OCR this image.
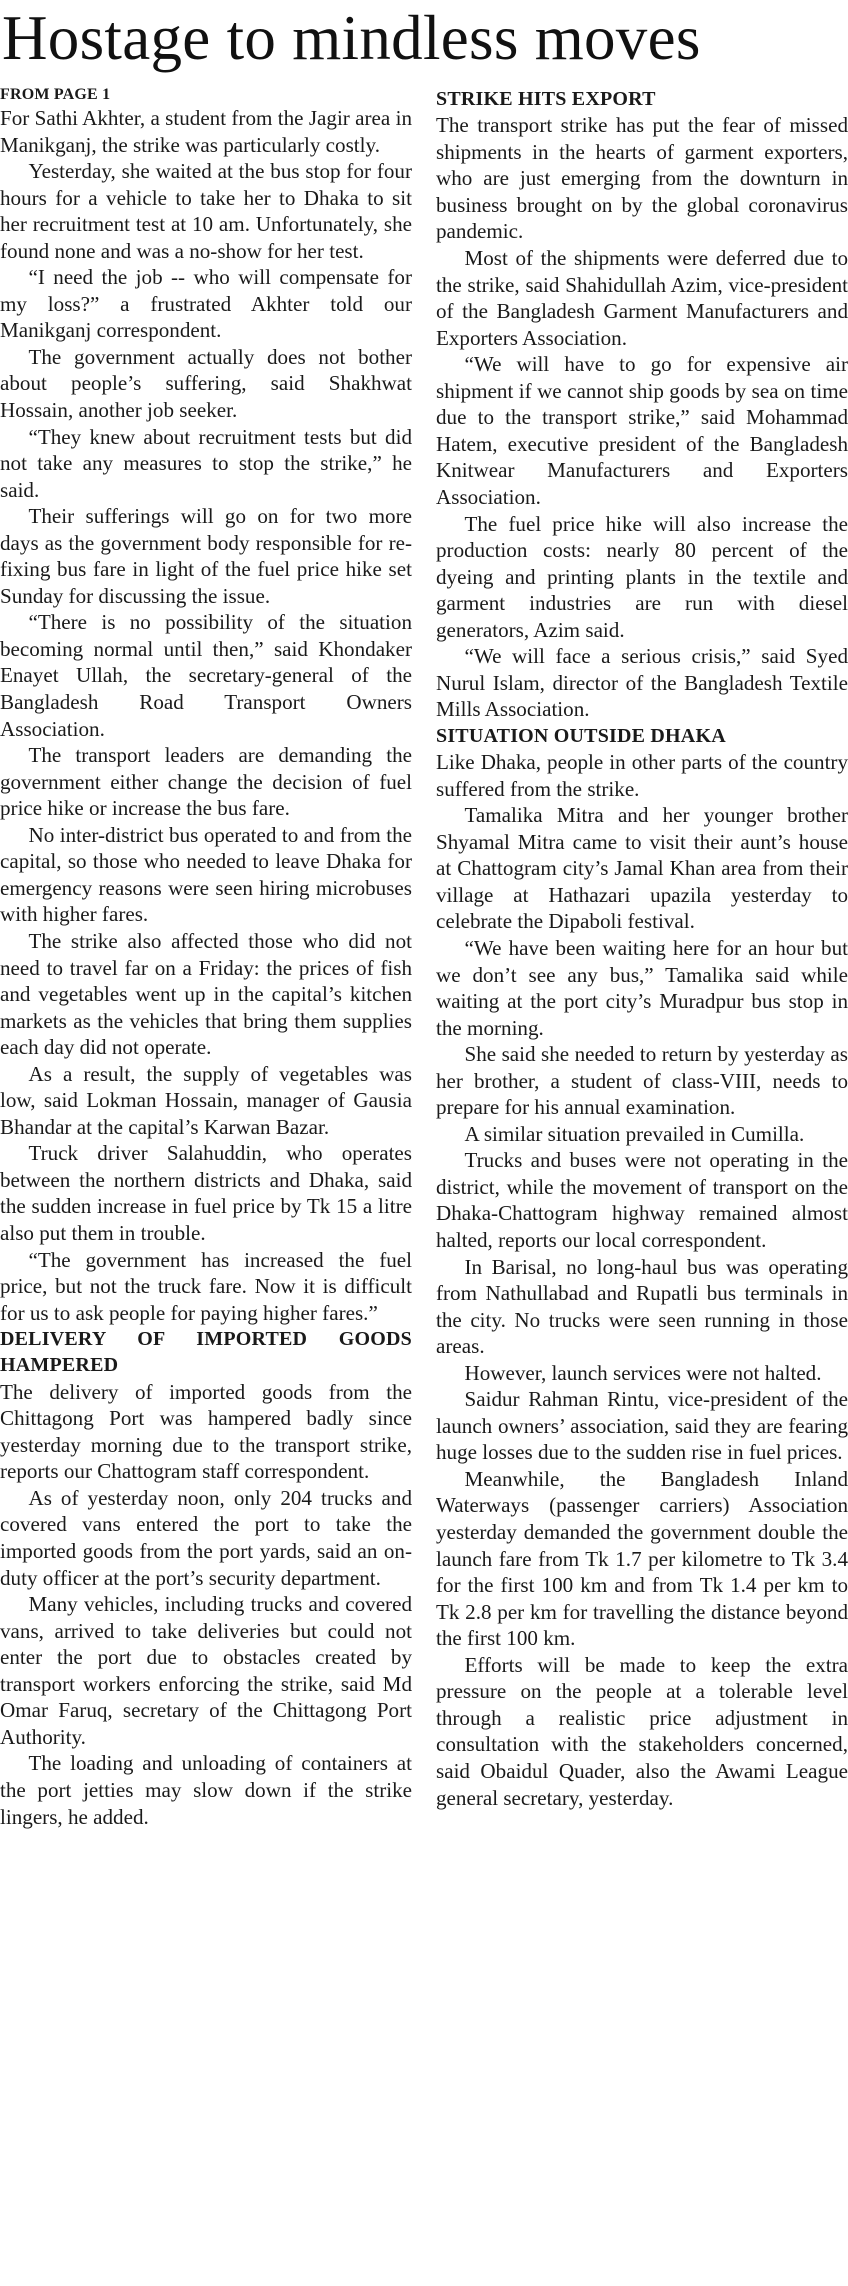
Hostage to mindless moves
FROM PAGE 1

For Sathi Akhter, a student from the Jagir area in Manikganj, the strike was particularly costly.

Yesterday, she waited at the bus stop for four hours for a vehicle to take her to Dhaka to sit her recruitment test at 10 am. Unfortunately, she found none and was a no-show for her test.

“I need the job -- who will compensate for my loss?” a frustrated Akhter told our Manikganj correspondent.

The government actually does not bother about people’s suffering, said Shakhwat Hossain, another job seeker.

“They knew about recruitment tests but did not take any measures to stop the strike,” he said.

Their sufferings will go on for two more days as the government body responsible for re-fixing bus fare in light of the fuel price hike set Sunday for discussing the issue.

“There is no possibility of the situation becoming normal until then,” said Khondaker Enayet Ullah, the secretary-general of the Bangladesh Road Transport Owners Association.

The transport leaders are demanding the government either change the decision of fuel price hike or increase the bus fare.

No inter-district bus operated to and from the capital, so those who needed to leave Dhaka for emergency reasons were seen hiring microbuses with higher fares.

The strike also affected those who did not need to travel far on a Friday: the prices of fish and vegetables went up in the capital’s kitchen markets as the vehicles that bring them supplies each day did not operate.

As a result, the supply of vegetables was low, said Lokman Hossain, manager of Gausia Bhandar at the capital’s Karwan Bazar.

Truck driver Salahuddin, who operates between the northern districts and Dhaka, said the sudden increase in fuel price by Tk 15 a litre also put them in trouble.

“The government has increased the fuel price, but not the truck fare. Now it is difficult for us to ask people for paying higher fares.”

DELIVERY OF IMPORTED GOODS HAMPERED

The delivery of imported goods from the Chittagong Port was hampered badly since yesterday morning due to the transport strike, reports our Chattogram staff correspondent.

As of yesterday noon, only 204 trucks and covered vans entered the port to take the imported goods from the port yards, said an on-duty officer at the port’s security department.

Many vehicles, including trucks and covered vans, arrived to take deliveries but could not enter the port due to obstacles created by transport workers enforcing the strike, said Md Omar Faruq, secretary of the Chittagong Port Authority.

The loading and unloading of containers at the port jetties may slow down if the strike lingers, he added.

STRIKE HITS EXPORT

The transport strike has put the fear of missed shipments in the hearts of garment exporters, who are just emerging from the downturn in business brought on by the global coronavirus pandemic.

Most of the shipments were deferred due to the strike, said Shahidullah Azim, vice-president of the Bangladesh Garment Manufacturers and Exporters Association.

“We will have to go for expensive air shipment if we cannot ship goods by sea on time due to the transport strike,” said Mohammad Hatem, executive president of the Bangladesh Knitwear Manufacturers and Exporters Association.

The fuel price hike will also increase the production costs: nearly 80 percent of the dyeing and printing plants in the textile and garment industries are run with diesel generators, Azim said.

“We will face a serious crisis,” said Syed Nurul Islam, director of the Bangladesh Textile Mills Association.

SITUATION OUTSIDE DHAKA

Like Dhaka, people in other parts of the country suffered from the strike.

Tamalika Mitra and her younger brother Shyamal Mitra came to visit their aunt’s house at Chattogram city’s Jamal Khan area from their village at Hathazari upazila yesterday to celebrate the Dipaboli festival.

“We have been waiting here for an hour but we don’t see any bus,” Tamalika said while waiting at the port city’s Muradpur bus stop in the morning.

She said she needed to return by yesterday as her brother, a student of class-VIII, needs to prepare for his annual examination.

A similar situation prevailed in Cumilla.

Trucks and buses were not operating in the district, while the movement of transport on the Dhaka-Chattogram highway remained almost halted, reports our local correspondent.

In Barisal, no long-haul bus was operating from Nathullabad and Rupatli bus terminals in the city. No trucks were seen running in those areas.

However, launch services were not halted.

Saidur Rahman Rintu, vice-president of the launch owners’ association, said they are fearing huge losses due to the sudden rise in fuel prices.

Meanwhile, the Bangladesh Inland Waterways (passenger carriers) Association yesterday demanded the government double the launch fare from Tk 1.7 per kilometre to Tk 3.4 for the first 100 km and from Tk 1.4 per km to Tk 2.8 per km for travelling the distance beyond the first 100 km.

Efforts will be made to keep the extra pressure on the people at a tolerable level through a realistic price adjustment in consultation with the stakeholders concerned, said Obaidul Quader, also the Awami League general secretary, yesterday.
